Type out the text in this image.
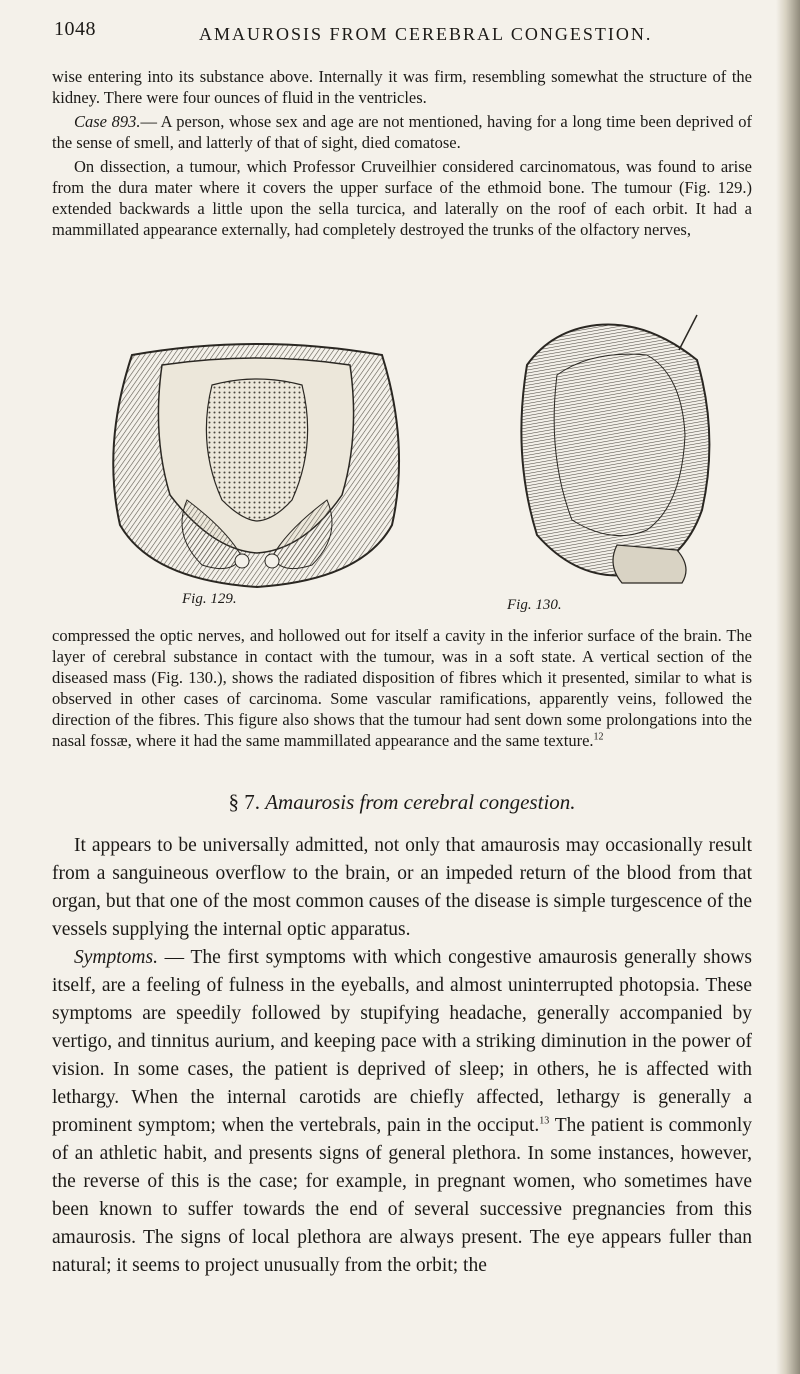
1048	AMAUROSIS FROM CEREBRAL CONGESTION.

wise entering into its substance above. Internally it was firm, resembling somewhat the structure of the kidney. There were four ounces of fluid in the ventricles.

Case 893.— A person, whose sex and age are not mentioned, having for a long time been deprived of the sense of smell, and latterly of that of sight, died comatose.

On dissection, a tumour, which Professor Cruveilhier considered carcinomatous, was found to arise from the dura mater where it covers the upper surface of the ethmoid bone. The tumour (Fig. 129.) extended backwards a little upon the sella turcica, and laterally on the roof of each orbit. It had a mammillated appearance externally, had completely destroyed the trunks of the olfactory nerves,

Fig. 129.	Fig. 130.

compressed the optic nerves, and hollowed out for itself a cavity in the inferior surface of the brain. The layer of cerebral substance in contact with the tumour, was in a soft state. A vertical section of the diseased mass (Fig. 130.), shows the radiated disposition of fibres which it presented, similar to what is observed in other cases of carcinoma. Some vascular ramifications, apparently veins, followed the direction of the fibres. This figure also shows that the tumour had sent down some prolongations into the nasal fossæ, where it had the same mammillated appearance and the same texture.$^{12}$

§ 7. Amaurosis from cerebral congestion.

It appears to be universally admitted, not only that amaurosis may occasionally result from a sanguineous overflow to the brain, or an impeded return of the blood from that organ, but that one of the most common causes of the disease is simple turgescence of the vessels supplying the internal optic apparatus.

Symptoms. — The first symptoms with which congestive amaurosis generally shows itself, are a feeling of fulness in the eyeballs, and almost uninterrupted photopsia. These symptoms are speedily followed by stupifying headache, generally accompanied by vertigo, and tinnitus aurium, and keeping pace with a striking diminution in the power of vision. In some cases, the patient is deprived of sleep; in others, he is affected with lethargy. When the internal carotids are chiefly affected, lethargy is generally a prominent symptom; when the vertebrals, pain in the occiput.$^{13}$ The patient is commonly of an athletic habit, and presents signs of general plethora. In some instances, however, the reverse of this is the case; for example, in pregnant women, who sometimes have been known to suffer towards the end of several successive pregnancies from this amaurosis. The signs of local plethora are always present. The eye appears fuller than natural; it seems to project unusually from the orbit; the
